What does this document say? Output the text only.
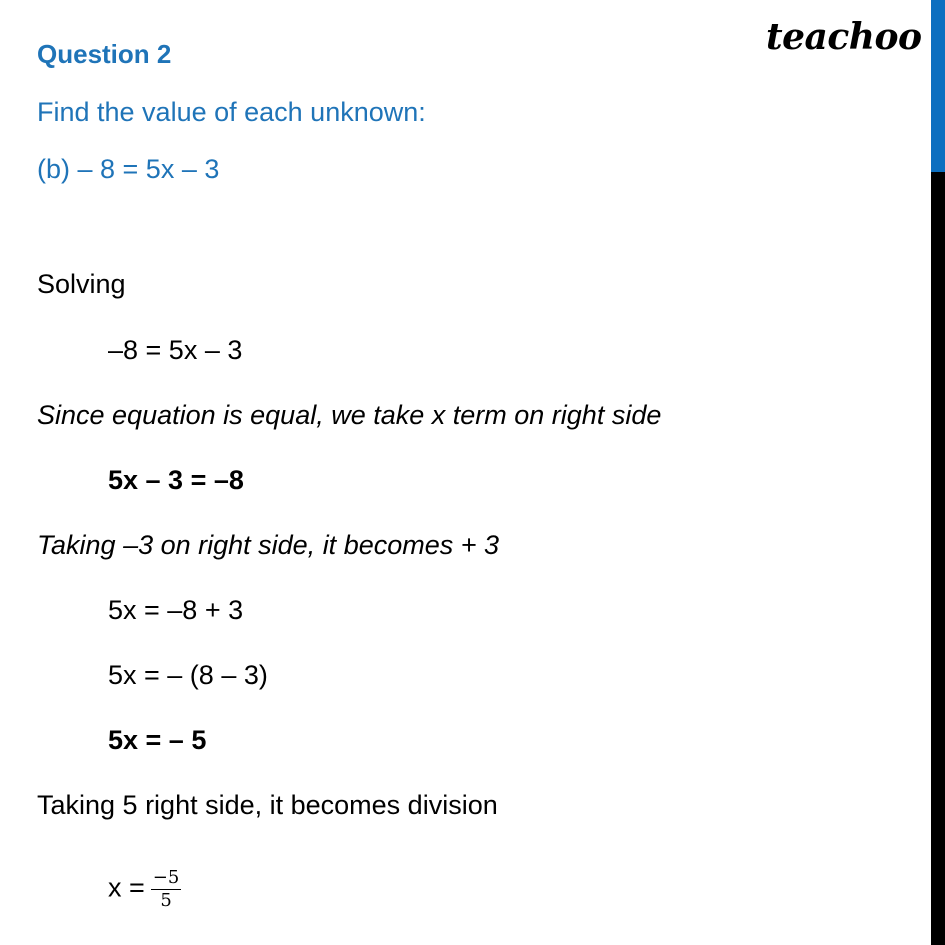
teachoo
Question 2
Find the value of each unknown:
(b) – 8 = 5x – 3
Solving
–8 = 5x – 3
Since equation is equal, we take x term on right side
5x – 3 = –8
Taking –3 on right side, it becomes + 3
5x = –8 + 3
5x = – (8 – 3)
5x = – 5
Taking 5 right side, it becomes division
$x = \frac{-5}{5}$
